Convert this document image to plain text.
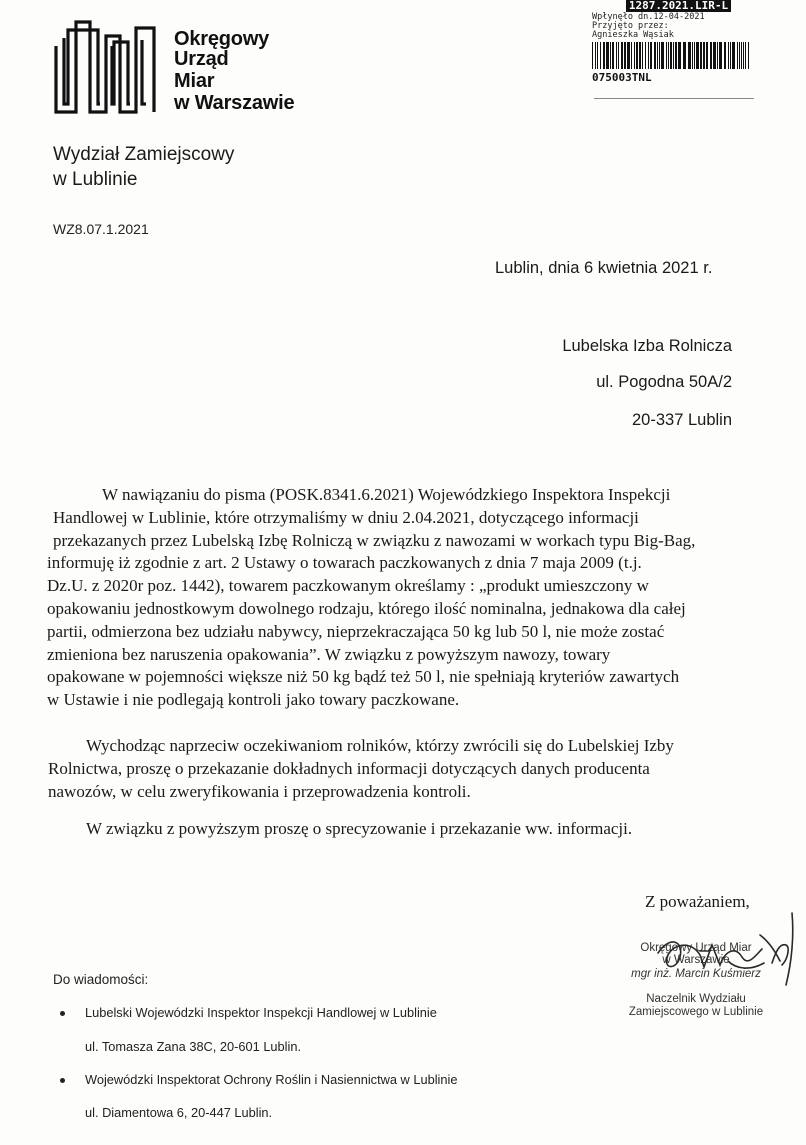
Okręgowy
Urząd
Miar
w Warszawie
1287.2021.LIR-L
Wpłynęło dn.12-04-2021
Przyjęto przez:
Agnieszka Wąsiak
075003TNL
Wydział Zamiejscowy
w Lublinie
WZ8.07.1.2021
Lublin, dnia 6 kwietnia 2021 r.
Lubelska Izba Rolnicza
ul. Pogodna 50A/2
20-337 Lublin
W nawiązaniu do pisma (POSK.8341.6.2021) Wojewódzkiego Inspektora Inspekcji
Handlowej w Lublinie, które otrzymaliśmy w dniu 2.04.2021, dotyczącego informacji
przekazanych przez Lubelską Izbę Rolniczą w związku z nawozami w workach typu Big-Bag,
informuję iż zgodnie z art. 2 Ustawy o towarach paczkowanych z dnia 7 maja 2009 (t.j.
Dz.U. z 2020r poz. 1442), towarem paczkowanym określamy : „produkt umieszczony w
opakowaniu jednostkowym dowolnego rodzaju, którego ilość nominalna, jednakowa dla całej
partii, odmierzona bez udziału nabywcy, nieprzekraczająca 50 kg lub 50 l, nie może zostać
zmieniona bez naruszenia opakowania”. W związku z powyższym nawozy, towary
opakowane w pojemności większe niż 50 kg bądź też 50 l, nie spełniają kryteriów zawartych
w Ustawie i nie podlegają kontroli jako towary paczkowane.
Wychodząc naprzeciw oczekiwaniom rolników, którzy zwrócili się do Lubelskiej Izby
Rolnictwa, proszę o przekazanie dokładnych informacji dotyczących danych producenta
nawozów, w celu zweryfikowania i przeprowadzenia kontroli.
W związku z powyższym proszę o sprecyzowanie i przekazanie ww. informacji.
Z poważaniem,
Okręgowy Urząd Miar
w Warszawie
mgr inż. Marcin Kuśmierz
Naczelnik Wydziału
Zamiejscowego w Lublinie
Do wiadomości:
Lubelski Wojewódzki Inspektor Inspekcji Handlowej w Lublinie
ul. Tomasza Zana 38C, 20-601 Lublin.
Wojewódzki Inspektorat Ochrony Roślin i Nasiennictwa w Lublinie
ul. Diamentowa 6, 20-447 Lublin.
